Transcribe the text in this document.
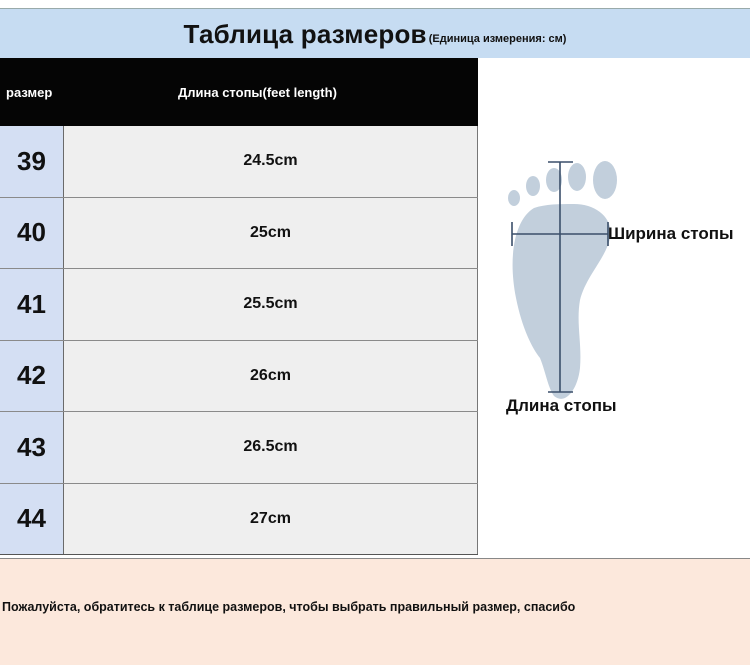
Таблица размеров (Единица измерения: см)
размер	Длина стопы(feet length)
39	24.5cm
40	25cm
41	25.5cm
42	26cm
43	26.5cm
44	27cm
Ширина стопы
Длина стопы
Пожалуйста, обратитесь к таблице размеров, чтобы выбрать правильный размер, спасибо
